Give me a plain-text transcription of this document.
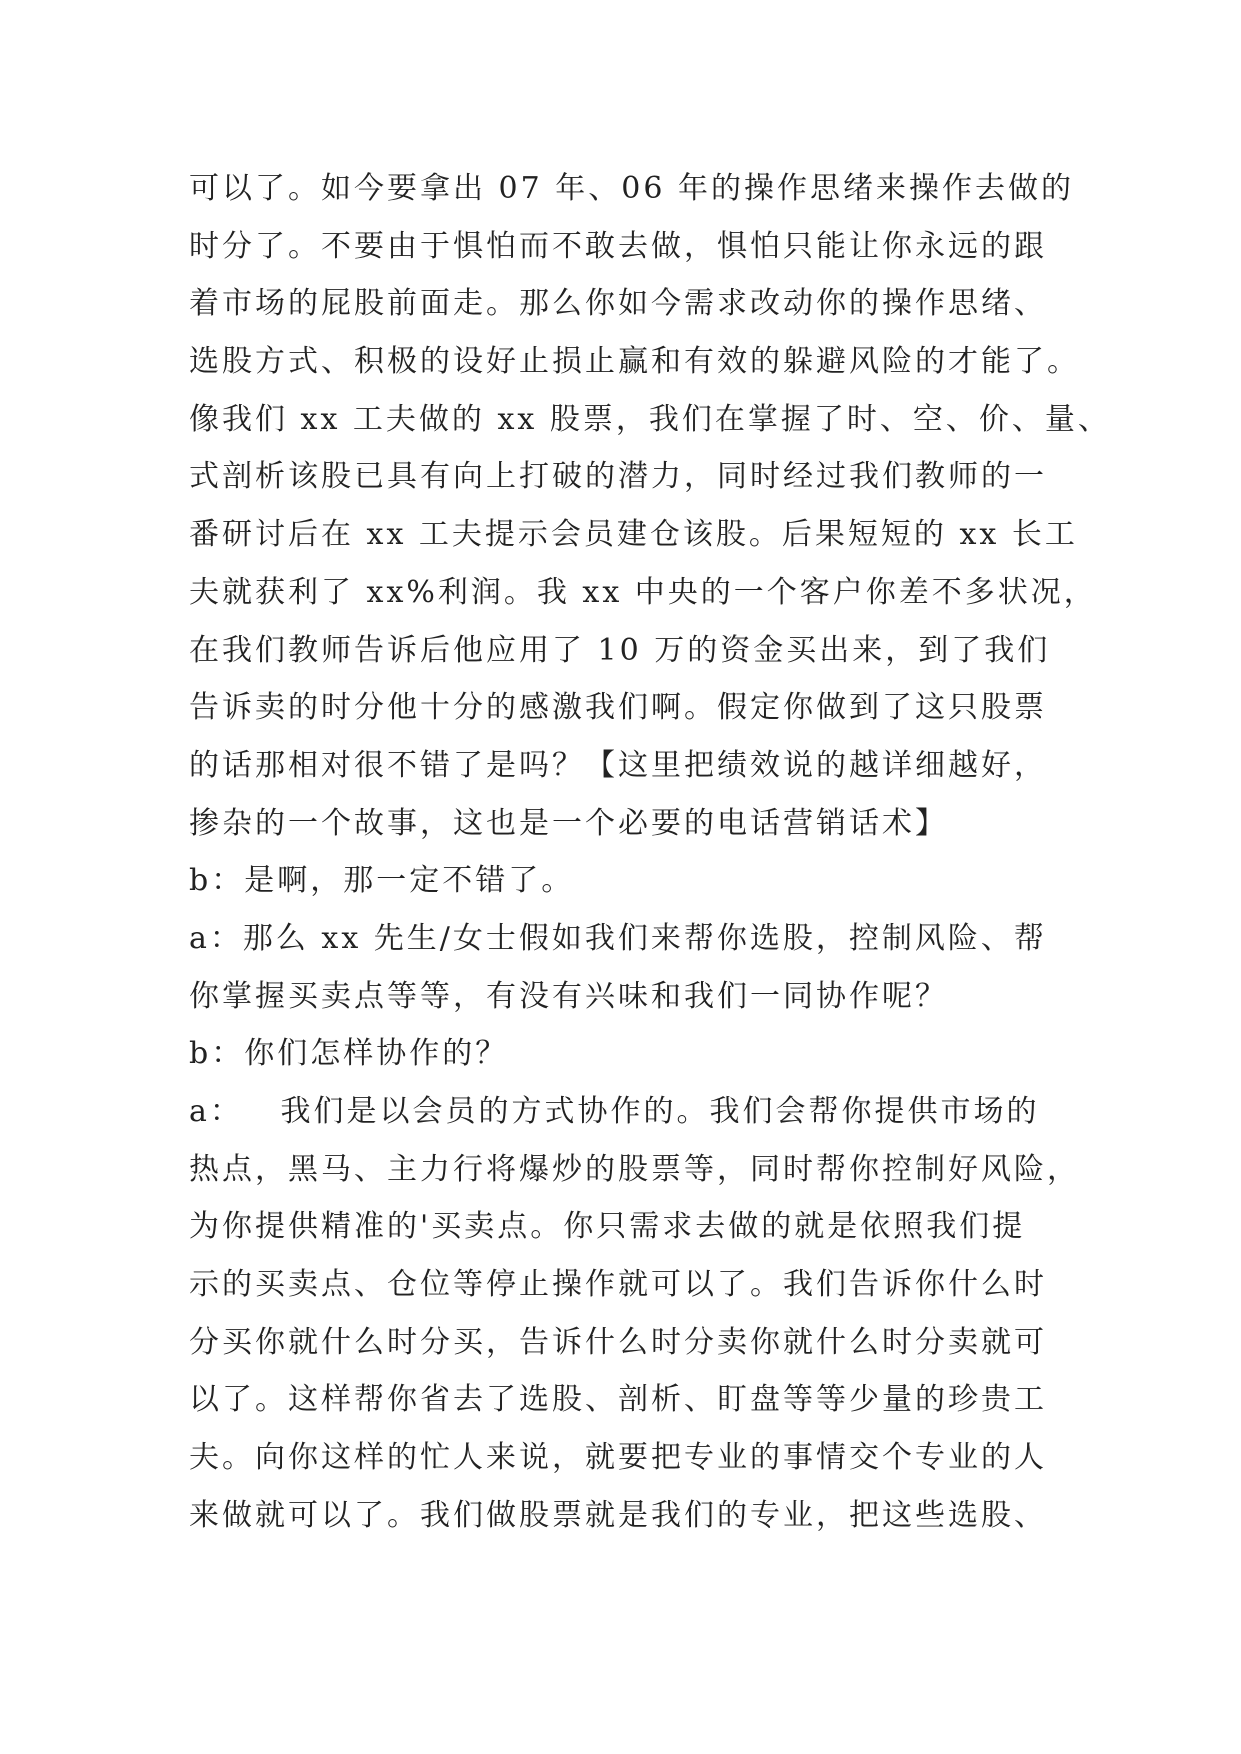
可以了。如今要拿出 07 年、06 年的操作思绪来操作去做的
时分了。不要由于惧怕而不敢去做，惧怕只能让你永远的跟
着市场的屁股前面走。那么你如今需求改动你的操作思绪、
选股方式、积极的设好止损止赢和有效的躲避风险的才能了。
像我们 xx 工夫做的 xx 股票，我们在掌握了时、空、价、量、
式剖析该股已具有向上打破的潜力，同时经过我们教师的一
番研讨后在 xx 工夫提示会员建仓该股。后果短短的 xx 长工
夫就获利了 xx%利润。我 xx 中央的一个客户你差不多状况，
在我们教师告诉后他应用了 10 万的资金买出来，到了我们
告诉卖的时分他十分的感激我们啊。假定你做到了这只股票
的话那相对很不错了是吗？【这里把绩效说的越详细越好，
掺杂的一个故事，这也是一个必要的电话营销话术】
b：是啊，那一定不错了。
a：那么 xx 先生/女士假如我们来帮你选股，控制风险、帮
你掌握买卖点等等，有没有兴味和我们一同协作呢？
b：你们怎样协作的？
a：   我们是以会员的方式协作的。我们会帮你提供市场的
热点，黑马、主力行将爆炒的股票等，同时帮你控制好风险，
为你提供精准的'买卖点。你只需求去做的就是依照我们提
示的买卖点、仓位等停止操作就可以了。我们告诉你什么时
分买你就什么时分买，告诉什么时分卖你就什么时分卖就可
以了。这样帮你省去了选股、剖析、盯盘等等少量的珍贵工
夫。向你这样的忙人来说，就要把专业的事情交个专业的人
来做就可以了。我们做股票就是我们的专业，把这些选股、
